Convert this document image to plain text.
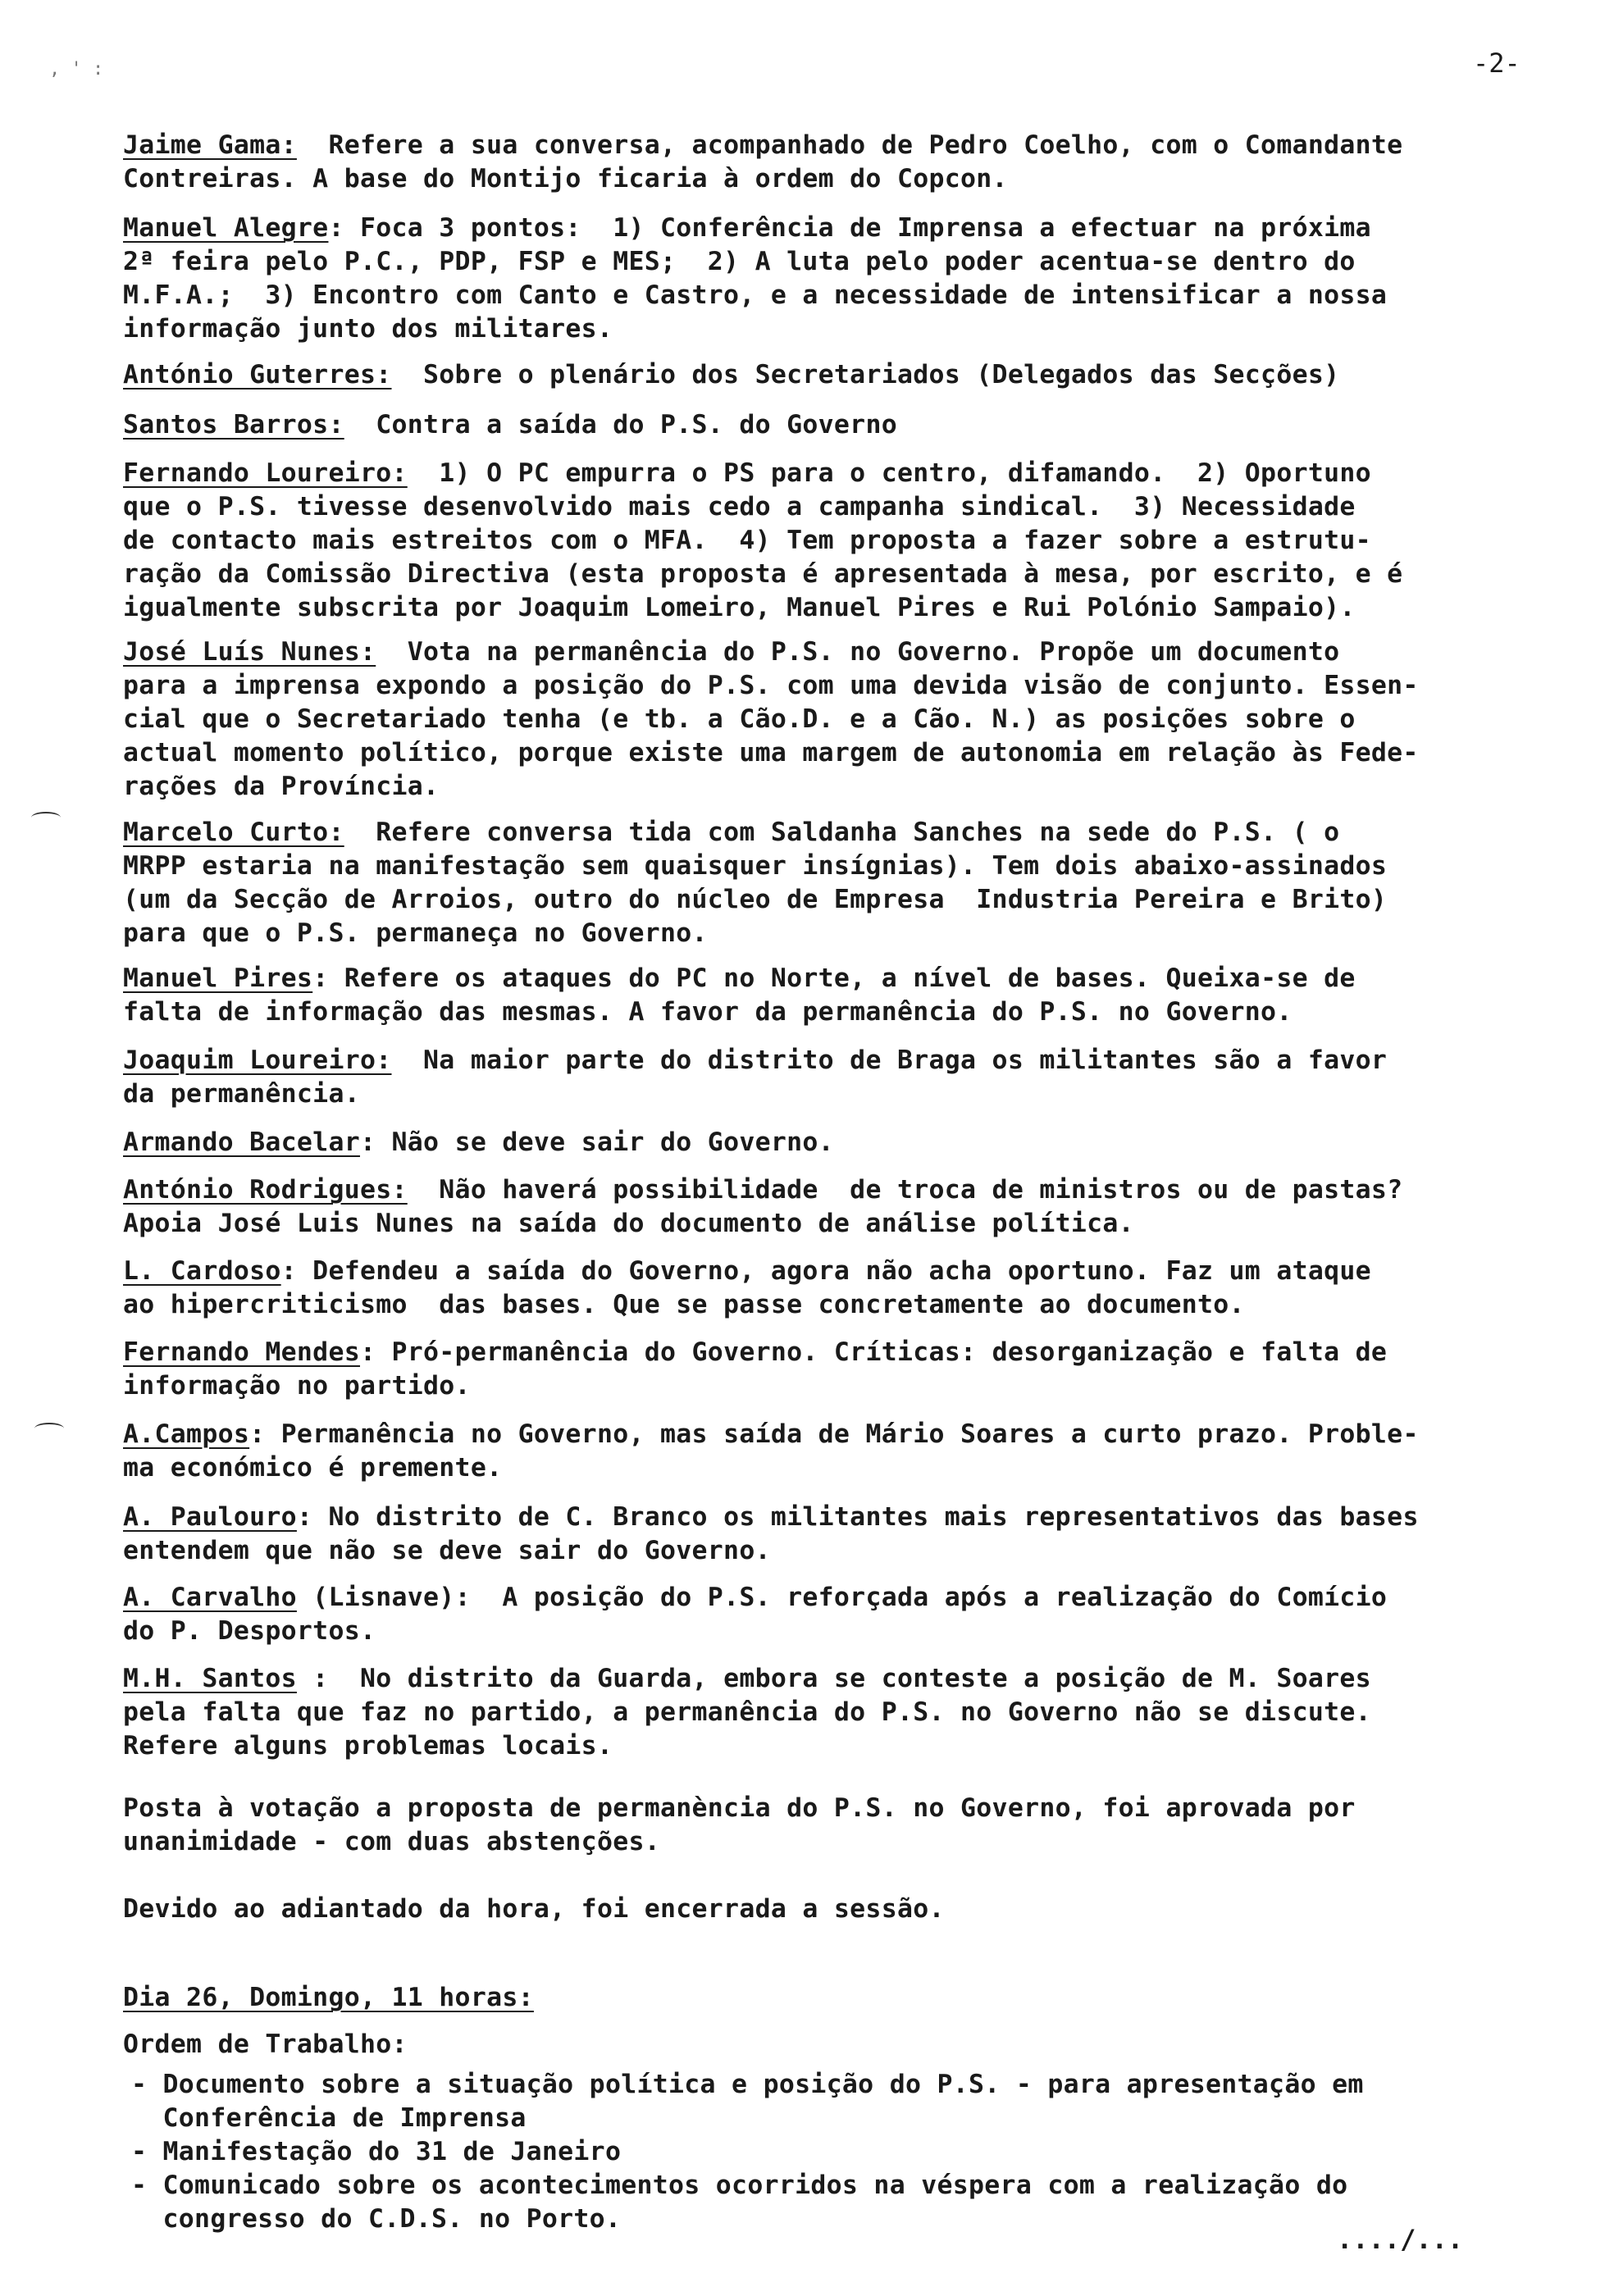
-2-
, ' :
Jaime Gama:  Refere a sua conversa, acompanhado de Pedro Coelho, com o Comandante
Contreiras. A base do Montijo ficaria à ordem do Copcon.
Manuel Alegre: Foca 3 pontos:  1) Conferência de Imprensa a efectuar na próxima
2ª feira pelo P.C., PDP, FSP e MES;  2) A luta pelo poder acentua-se dentro do
M.F.A.;  3) Encontro com Canto e Castro, e a necessidade de intensificar a nossa
informação junto dos militares.
António Guterres:  Sobre o plenário dos Secretariados (Delegados das Secções)
Santos Barros:  Contra a saída do P.S. do Governo
Fernando Loureiro:  1) O PC empurra o PS para o centro, difamando.  2) Oportuno
que o P.S. tivesse desenvolvido mais cedo a campanha sindical.  3) Necessidade
de contacto mais estreitos com o MFA.  4) Tem proposta a fazer sobre a estrutu-
ração da Comissão Directiva (esta proposta é apresentada à mesa, por escrito, e é
igualmente subscrita por Joaquim Lomeiro, Manuel Pires e Rui Polónio Sampaio).
José Luís Nunes:  Vota na permanência do P.S. no Governo. Propõe um documento
para a imprensa expondo a posição do P.S. com uma devida visão de conjunto. Essen-
cial que o Secretariado tenha (e tb. a Cão.D. e a Cão. N.) as posições sobre o
actual momento político, porque existe uma margem de autonomia em relação às Fede-
rações da Província.
Marcelo Curto:  Refere conversa tida com Saldanha Sanches na sede do P.S. ( o
MRPP estaria na manifestação sem quaisquer insígnias). Tem dois abaixo-assinados
(um da Secção de Arroios, outro do núcleo de Empresa  Industria Pereira e Brito)
para que o P.S. permaneça no Governo.
Manuel Pires: Refere os ataques do PC no Norte, a nível de bases. Queixa-se de
falta de informação das mesmas. A favor da permanência do P.S. no Governo.
Joaquim Loureiro:  Na maior parte do distrito de Braga os militantes são a favor
da permanência.
Armando Bacelar: Não se deve sair do Governo.
António Rodrigues:  Não haverá possibilidade  de troca de ministros ou de pastas?
Apoia José Luis Nunes na saída do documento de análise política.
L. Cardoso: Defendeu a saída do Governo, agora não acha oportuno. Faz um ataque
ao hipercriticismo  das bases. Que se passe concretamente ao documento.
Fernando Mendes: Pró-permanência do Governo. Críticas: desorganização e falta de
informação no partido.
A.Campos: Permanência no Governo, mas saída de Mário Soares a curto prazo. Proble-
ma económico é premente.
A. Paulouro: No distrito de C. Branco os militantes mais representativos das bases
entendem que não se deve sair do Governo.
A. Carvalho (Lisnave):  A posição do P.S. reforçada após a realização do Comício
do P. Desportos.
M.H. Santos :  No distrito da Guarda, embora se conteste a posição de M. Soares
pela falta que faz no partido, a permanência do P.S. no Governo não se discute.
Refere alguns problemas locais.
Posta à votação a proposta de permanència do P.S. no Governo, foi aprovada por
unanimidade - com duas abstenções.
Devido ao adiantado da hora, foi encerrada a sessão.
Dia 26, Domingo, 11 horas:
Ordem de Trabalho:
- Documento sobre a situação política e posição do P.S. - para apresentação em
Conferência de Imprensa
- Manifestação do 31 de Janeiro
- Comunicado sobre os acontecimentos ocorridos na véspera com a realização do
congresso do C.D.S. no Porto.
..../...
